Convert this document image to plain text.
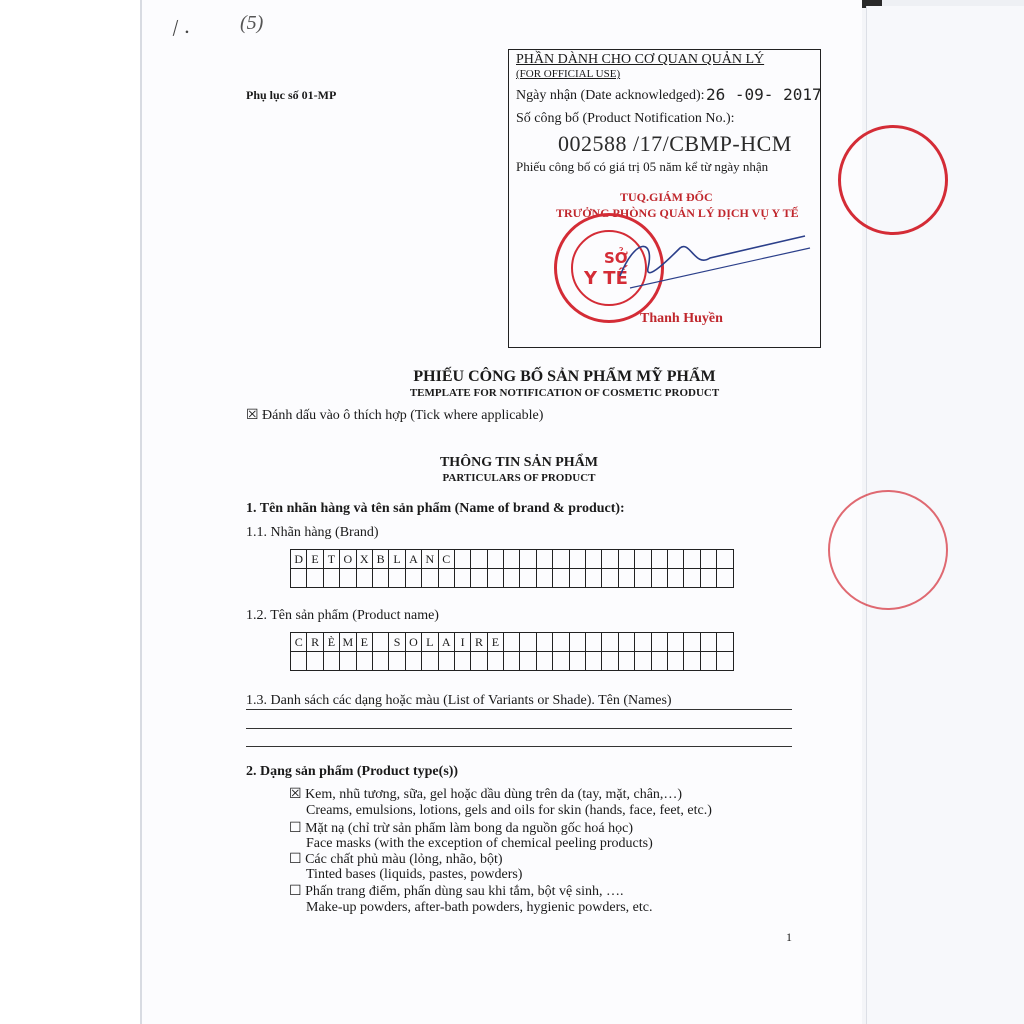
/ . (5)
Phụ lục số 01-MP
PHẦN DÀNH CHO CƠ QUAN QUẢN LÝ
(FOR OFFICIAL USE)
Ngày nhận (Date acknowledged): 26 -09- 2017
Số công bố (Product Notification No.):
002588 /17/CBMP-HCM
Phiếu công bố có giá trị 05 năm kể từ ngày nhận
TUQ.GIÁM ĐỐC
TRƯỞNG PHÒNG QUẢN LÝ DỊCH VỤ Y TẾ
SỞ
Y TẾ
Thanh Huyền
PHIẾU CÔNG BỐ SẢN PHẨM MỸ PHẨM
TEMPLATE FOR NOTIFICATION OF COSMETIC PRODUCT
☒ Đánh dấu vào ô thích hợp (Tick where applicable)
THÔNG TIN SẢN PHẨM
PARTICULARS OF PRODUCT
1. Tên nhãn hàng và tên sản phẩm (Name of brand & product):
1.1. Nhãn hàng (Brand)
D	E	T	O	X	B	L	A	N	C																	

1.2. Tên sản phẩm (Product name)
C	R	È	M	E		S	O	L	A	I	R	E														

1.3. Danh sách các dạng hoặc màu (List of Variants or Shade). Tên (Names)
2. Dạng sản phẩm (Product type(s))
☒ Kem, nhũ tương, sữa, gel hoặc dầu dùng trên da (tay, mặt, chân,…)
Creams, emulsions, lotions, gels and oils for skin (hands, face, feet, etc.)
☐ Mặt nạ (chỉ trừ sản phẩm làm bong da nguồn gốc hoá học)
Face masks (with the exception of chemical peeling products)
☐ Các chất phủ màu (lỏng, nhão, bột)
Tinted bases (liquids, pastes, powders)
☐ Phấn trang điểm, phấn dùng sau khi tắm, bột vệ sinh, ….
Make-up powders, after-bath powders, hygienic powders, etc.
1
